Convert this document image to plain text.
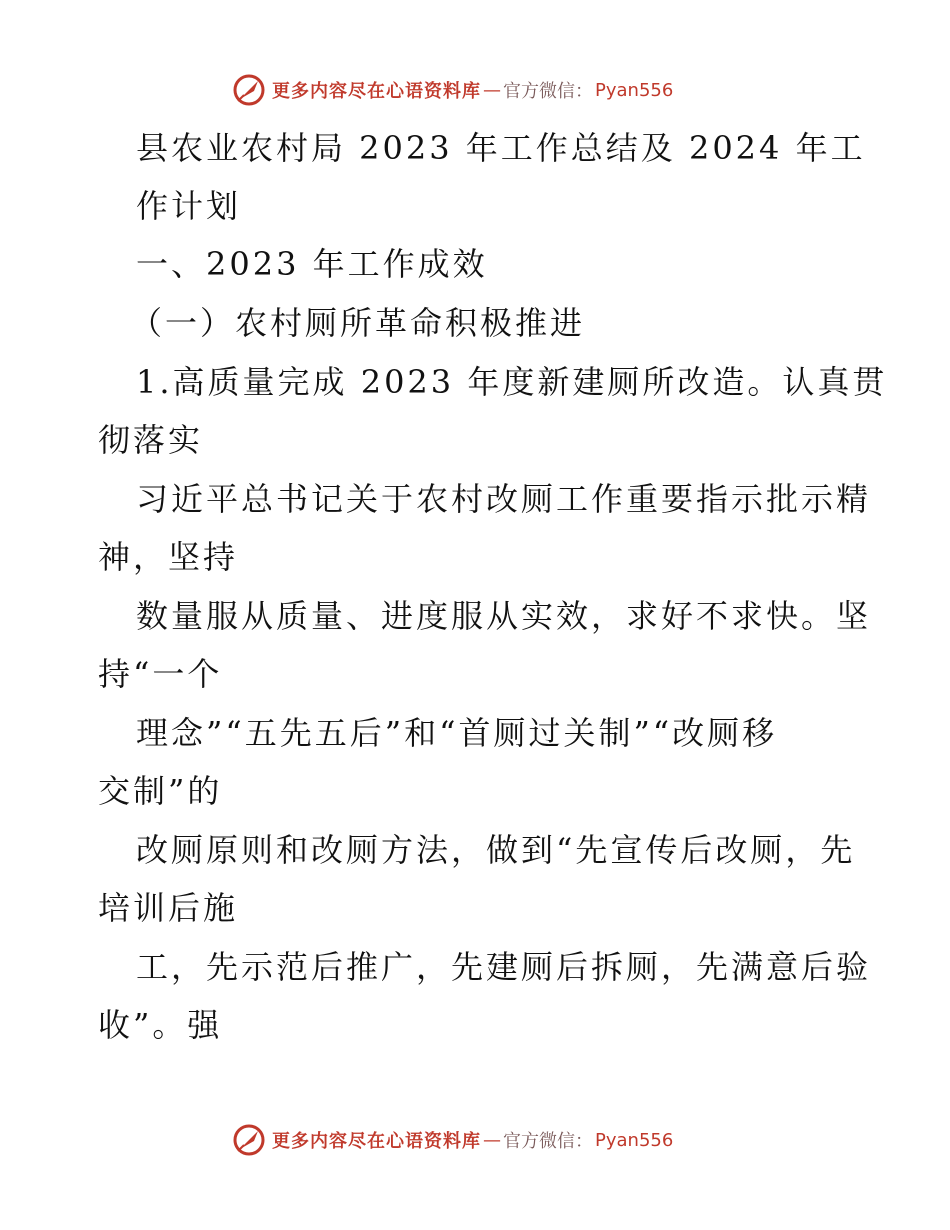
更多内容尽在心语资料库 — 官方微信： Pyan556
县农业农村局 2023 年工作总结及 2024 年工
作计划
一、2023 年工作成效
（一）农村厕所革命积极推进
1.高质量完成 2023 年度新建厕所改造。认真贯
彻落实
习近平总书记关于农村改厕工作重要指示批示精
神，坚持
数量服从质量、进度服从实效，求好不求快。坚
持“一个
理念”“五先五后”和“首厕过关制”“改厕移
交制”的
改厕原则和改厕方法，做到“先宣传后改厕，先
培训后施
工，先示范后推广，先建厕后拆厕，先满意后验
收”。强
更多内容尽在心语资料库 — 官方微信： Pyan556
